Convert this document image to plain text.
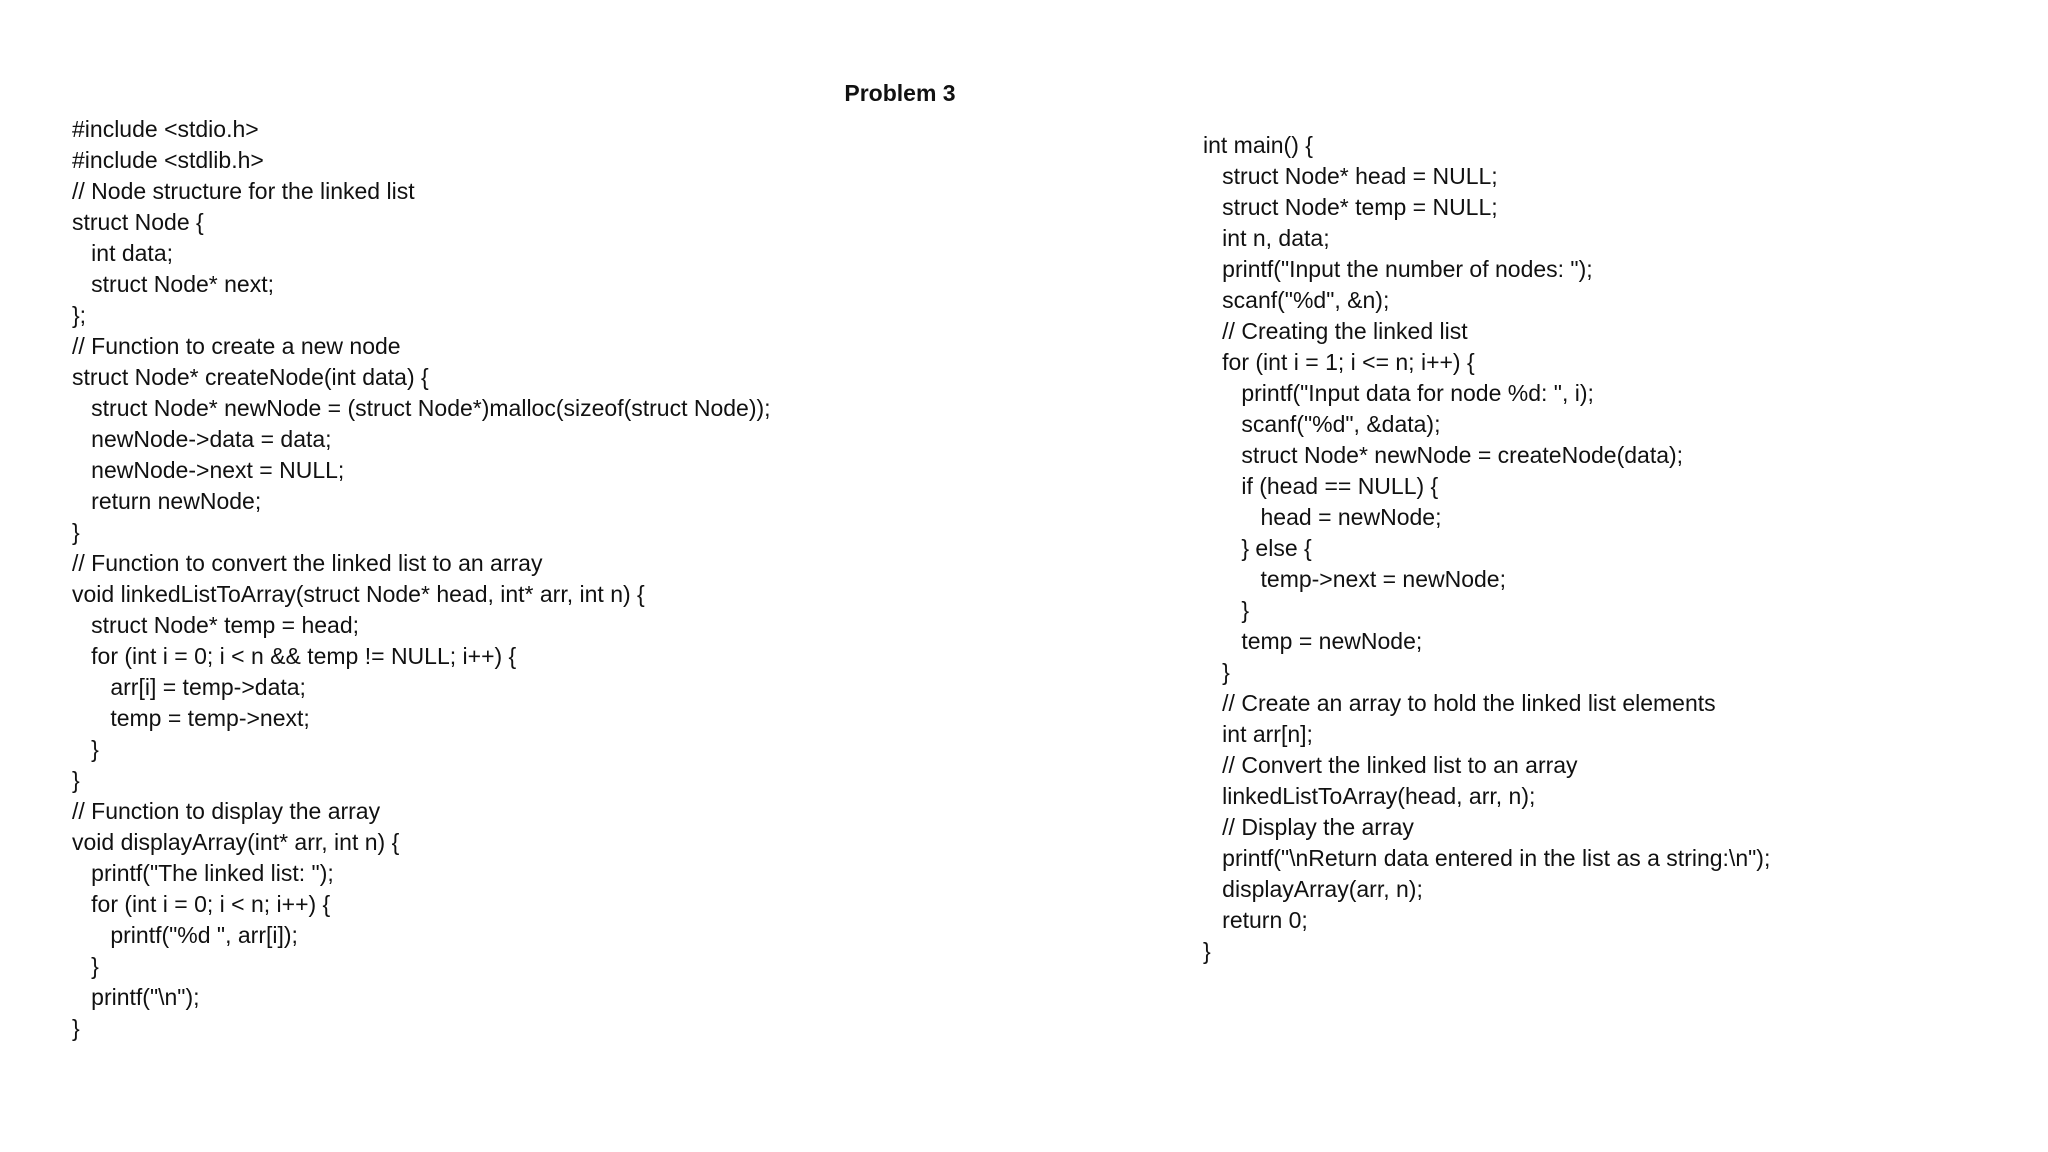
Problem 3
#include <stdio.h>
#include <stdlib.h>
// Node structure for the linked list
struct Node {
int data;
struct Node* next;
};
// Function to create a new node
struct Node* createNode(int data) {
struct Node* newNode = (struct Node*)malloc(sizeof(struct Node));
newNode->data = data;
newNode->next = NULL;
return newNode;
}
// Function to convert the linked list to an array
void linkedListToArray(struct Node* head, int* arr, int n) {
struct Node* temp = head;
for (int i = 0; i < n && temp != NULL; i++) {
arr[i] = temp->data;
temp = temp->next;
}
}
// Function to display the array
void displayArray(int* arr, int n) {
printf("The linked list: ");
for (int i = 0; i < n; i++) {
printf("%d ", arr[i]);
}
printf("\n");
}
int main() {
struct Node* head = NULL;
struct Node* temp = NULL;
int n, data;
printf("Input the number of nodes: ");
scanf("%d", &n);
// Creating the linked list
for (int i = 1; i <= n; i++) {
printf("Input data for node %d: ", i);
scanf("%d", &data);
struct Node* newNode = createNode(data);
if (head == NULL) {
head = newNode;
} else {
temp->next = newNode;
}
temp = newNode;
}
// Create an array to hold the linked list elements
int arr[n];
// Convert the linked list to an array
linkedListToArray(head, arr, n);
// Display the array
printf("\nReturn data entered in the list as a string:\n");
displayArray(arr, n);
return 0;
}
